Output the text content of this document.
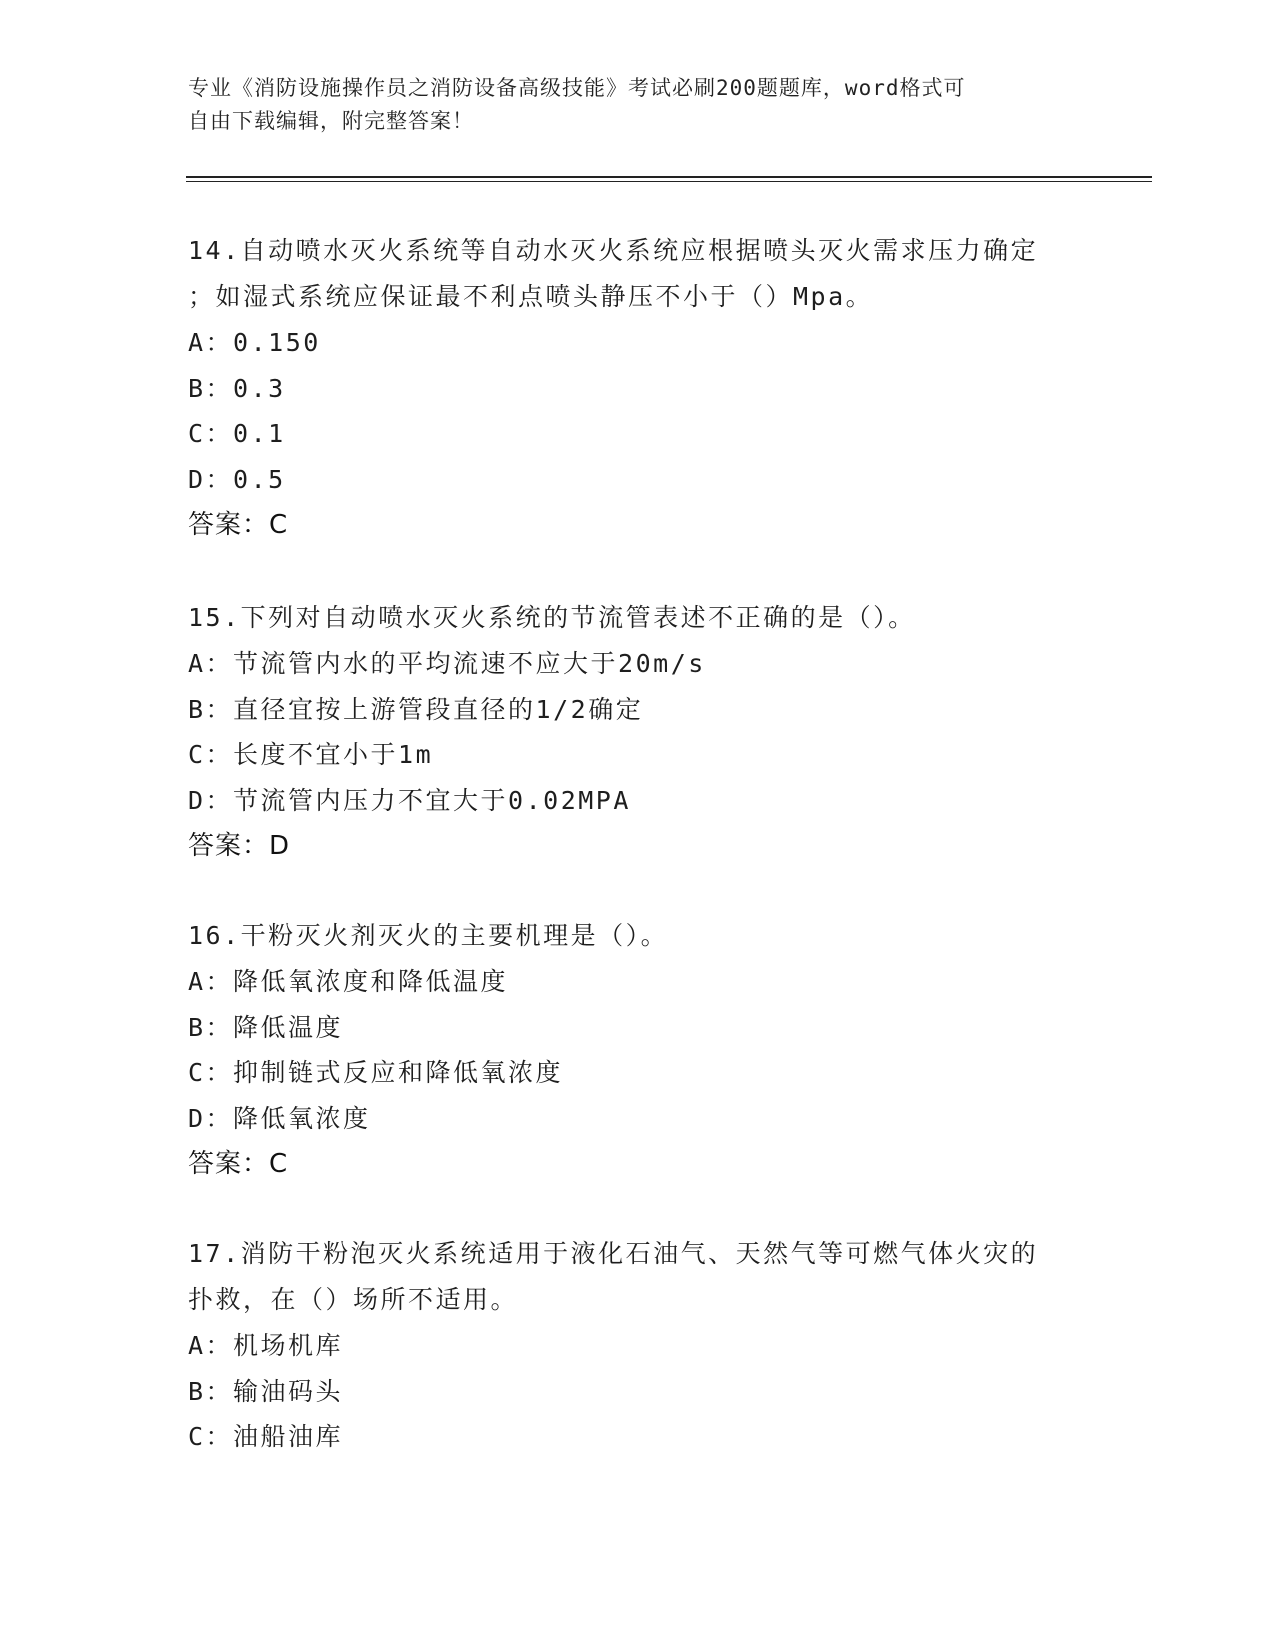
专业《消防设施操作员之消防设备高级技能》考试必刷200题题库，word格式可
自由下载编辑，附完整答案！
14.自动喷水灭火系统等自动水灭火系统应根据喷头灭火需求压力确定
；如湿式系统应保证最不利点喷头静压不小于（）Mpa。
A：0.150
B：0.3
C：0.1
D：0.5
答案：C
15.下列对自动喷水灭火系统的节流管表述不正确的是（）。
A：节流管内水的平均流速不应大于20m/s
B：直径宜按上游管段直径的1/2确定
C：长度不宜小于1m
D：节流管内压力不宜大于0.02MPA
答案：D
16.干粉灭火剂灭火的主要机理是（）。
A：降低氧浓度和降低温度
B：降低温度
C：抑制链式反应和降低氧浓度
D：降低氧浓度
答案：C
17.消防干粉泡灭火系统适用于液化石油气、天然气等可燃气体火灾的
扑救，在（）场所不适用。
A：机场机库
B：输油码头
C：油船油库
